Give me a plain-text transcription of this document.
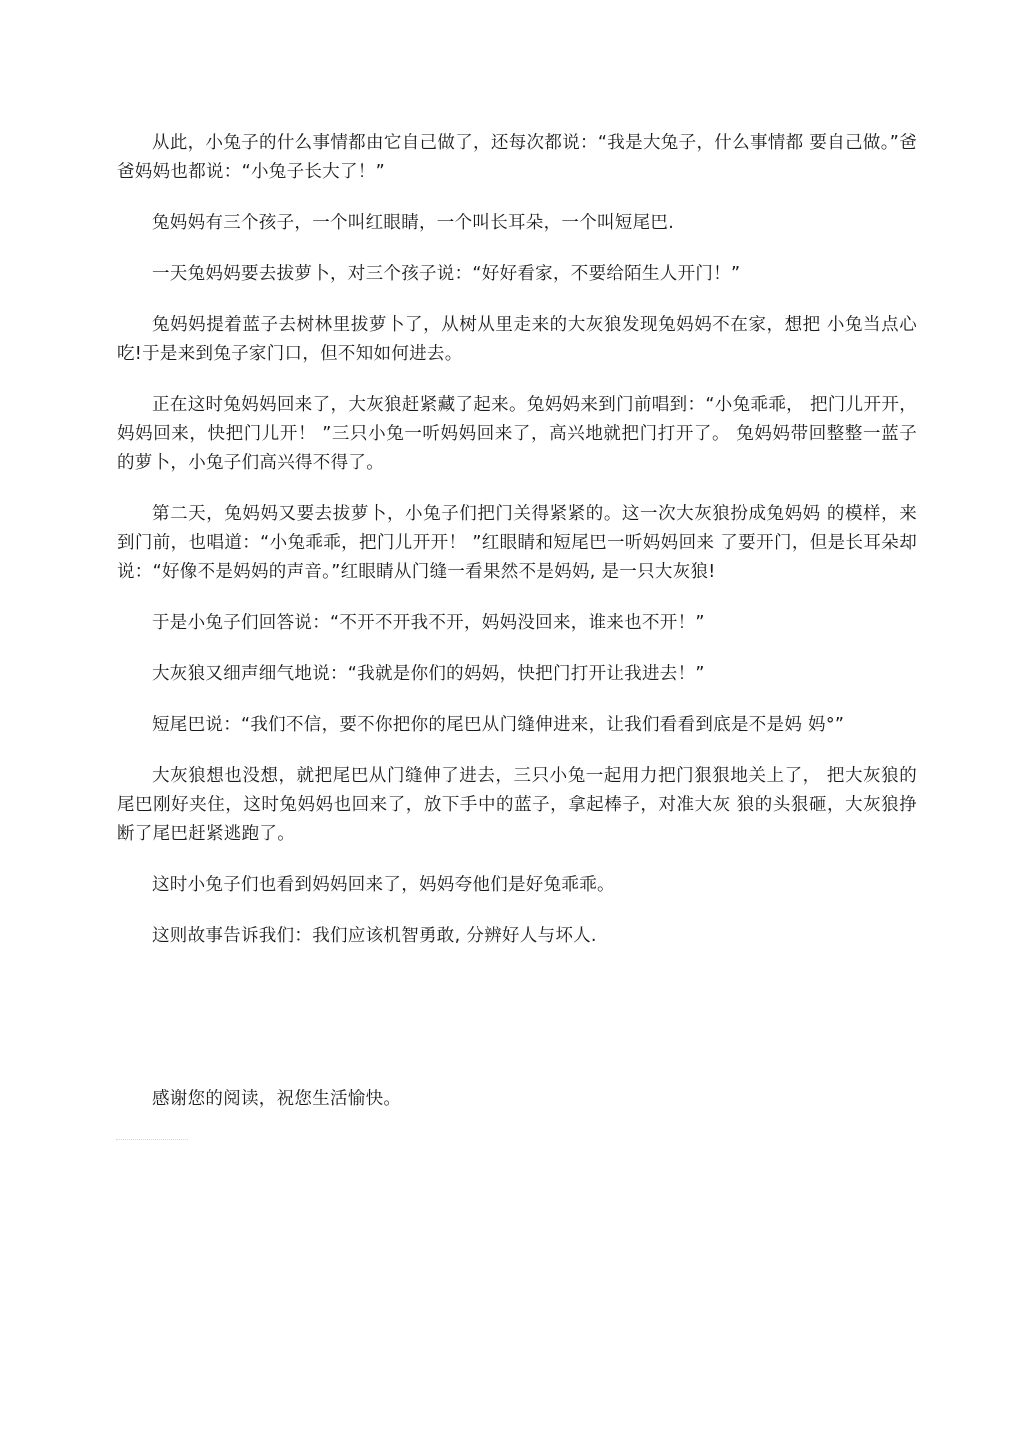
从此，小兔子的什么事情都由它自己做了，还每次都说：“我是大兔子，什么事情都 要自己做。”爸爸妈妈也都说：“小兔子长大了！”

兔妈妈有三个孩子，一个叫红眼睛，一个叫长耳朵，一个叫短尾巴.

一天兔妈妈要去拔萝卜，对三个孩子说：“好好看家，不要给陌生人开门！”

兔妈妈提着蓝子去树林里拔萝卜了，从树从里走来的大灰狼发现兔妈妈不在家，想把 小兔当点心吃!于是来到兔子家门口，但不知如何进去。

正在这时兔妈妈回来了，大灰狼赶紧藏了起来。兔妈妈来到门前唱到：“小兔乖乖， 把门儿开开，妈妈回来，快把门儿开！ ”三只小兔一听妈妈回来了，高兴地就把门打开了。 兔妈妈带回整整一蓝子的萝卜，小兔子们高兴得不得了。

第二天，兔妈妈又要去拔萝卜，小兔子们把门关得紧紧的。这一次大灰狼扮成兔妈妈 的模样，来到门前，也唱道：“小兔乖乖，把门儿开开！ ”红眼睛和短尾巴一听妈妈回来 了要开门，但是长耳朵却说：“好像不是妈妈的声音。”红眼睛从门缝一看果然不是妈妈, 是一只大灰狼!

于是小兔子们回答说：“不开不开我不开，妈妈没回来，谁来也不开！”

大灰狼又细声细气地说：“我就是你们的妈妈，快把门打开让我进去！”

短尾巴说：“我们不信，要不你把你的尾巴从门缝伸进来，让我们看看到底是不是妈 妈°”

大灰狼想也没想，就把尾巴从门缝伸了进去，三只小兔一起用力把门狠狠地关上了， 把大灰狼的尾巴刚好夹住，这时兔妈妈也回来了，放下手中的蓝子，拿起棒子，对准大灰 狼的头狠砸，大灰狼挣断了尾巴赶紧逃跑了。

这时小兔子们也看到妈妈回来了，妈妈夸他们是好兔乖乖。

这则故事告诉我们：我们应该机智勇敢, 分辨好人与坏人.

感谢您的阅读，祝您生活愉快。
